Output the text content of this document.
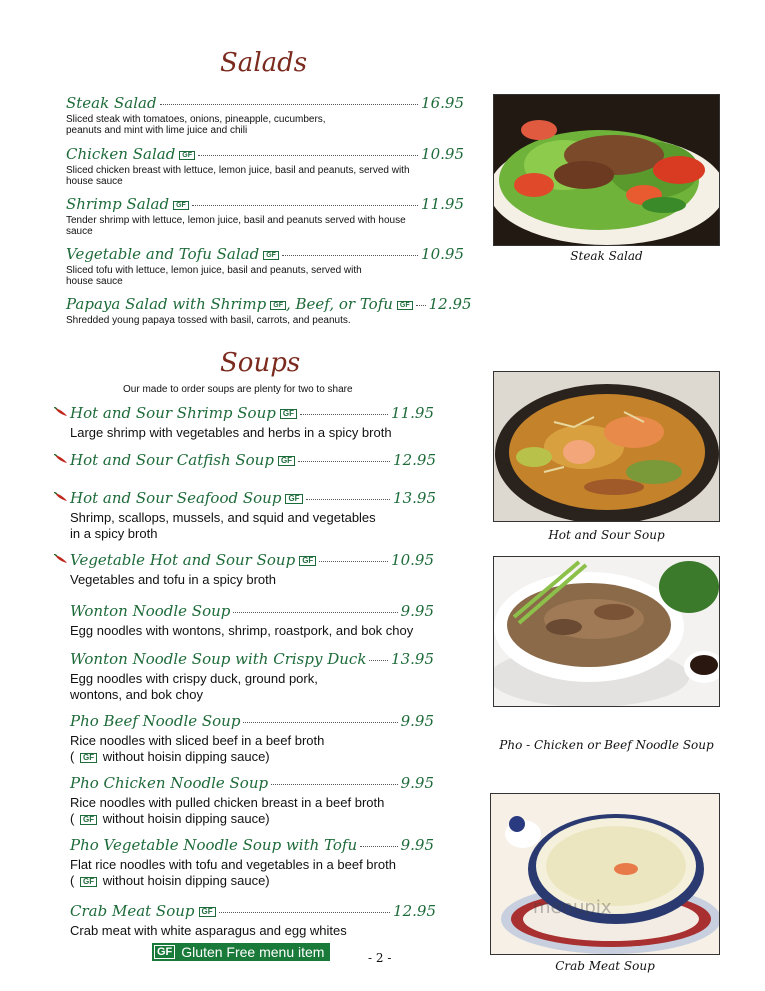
Salads
Steak Salad	16.95
Sliced steak with tomatoes, onions, pineapple, cucumbers, peanuts and mint with lime juice and chili
Chicken Salad	GF	10.95
Sliced chicken breast with lettuce, lemon juice, basil and peanuts, served with house sauce
Shrimp Salad	GF	11.95
Tender shrimp with lettuce, lemon juice, basil and peanuts served with house sauce
Vegetable and Tofu Salad	GF	10.95
Sliced tofu with lettuce, lemon juice, basil and peanuts, served with house sauce
Papaya Salad with Shrimp	GF , Beef, or Tofu	GF 12.95
Shredded young papaya tossed with basil, carrots, and peanuts.
Steak Salad
Soups
Our made to order soups are plenty for two to share
Hot and Sour Shrimp Soup GF	11.95
Large shrimp with vegetables and herbs in a spicy broth
Hot and Sour Catfish Soup GF	12.95
Hot and Sour Seafood Soup GF	13.95
Shrimp, scallops, mussels, and squid and vegetables in a spicy broth
Vegetable Hot and Sour Soup GF	10.95
Vegetables and tofu in a spicy broth
Wonton Noodle Soup	9.95
Egg noodles with wontons, shrimp, roastpork, and bok choy
Wonton Noodle Soup with Crispy Duck 13.95
Egg noodles with crispy duck, ground pork, wontons, and bok choy
Pho Beef Noodle Soup	9.95
Rice noodles with sliced beef in a beef broth
( GF without hoisin dipping sauce)
Pho Chicken Noodle Soup	9.95
Rice noodles with pulled chicken breast in a beef broth
( GF without hoisin dipping sauce)
Pho Vegetable Noodle Soup with Tofu	9.95
Flat rice noodles with tofu and vegetables in a beef broth
( GF without hoisin dipping sauce)
Crab Meat Soup GF	12.95
Crab meat with white asparagus and egg whites
Hot and Sour Soup
Pho - Chicken or Beef Noodle Soup
menupix
Crab Meat Soup
GF Gluten Free menu item	- 2 -
